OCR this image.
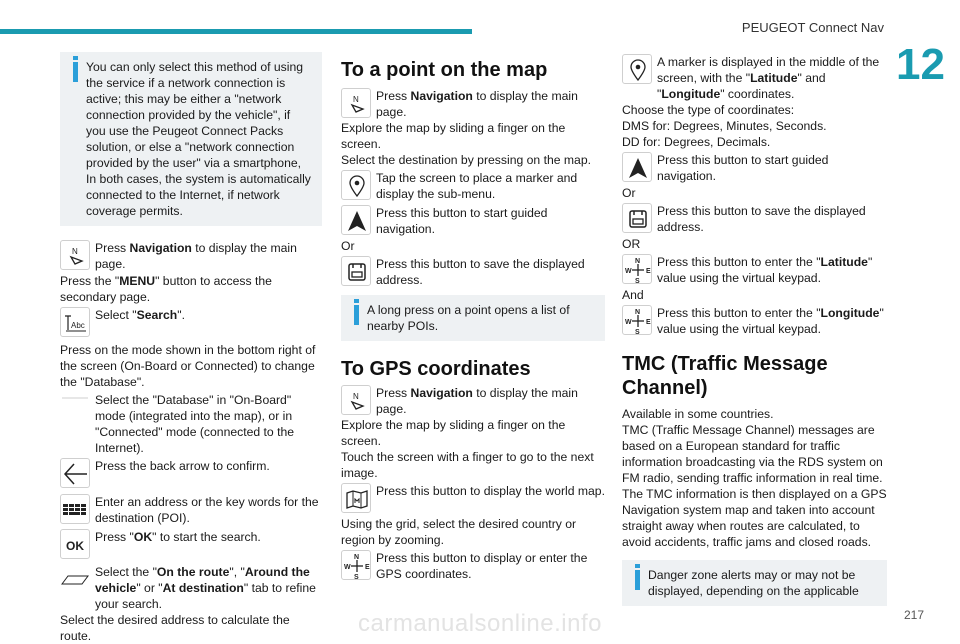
PEUGEOT Connect Nav
12
You can only select this method of using the service if a network connection is active; this may be either a "network connection provided by the vehicle", if you use the Peugeot Connect Packs solution, or else a "network connection provided by the user" via a smartphone,
In both cases, the system is automatically connected to the Internet, if network coverage permits.
N Press Navigation to display the main page.

Press the "MENU" button to access the secondary page.

Abc
Select "Search".

Press on the mode shown in the bottom right of the screen (On-Board or Connected) to change the "Database".

Select the "Database" in "On-Board" mode (integrated into the map), or in "Connected" mode (connected to the Internet).
Press the back arrow to confirm.
Enter an address or the key words for the destination (POI).
OK
Press "OK" to start the search.
Select the "On the route", "Around the vehicle" or "At destination" tab to refine your search.

Select the desired address to calculate the route.

To a point on the map
N Press Navigation to display the main page.

Explore the map by sliding a finger on the screen.

Select the destination by pressing on the map.

Tap the screen to place a marker and display the sub-menu.
Press this button to start guided navigation.

Or

Press this button to save the displayed address.
A long press on a point opens a list of nearby POIs.
To GPS coordinates
N Press Navigation to display the main page.

Explore the map by sliding a finger on the screen.

Touch the screen with a finger to go to the next image.

Press this button to display the world map.

Using the grid, select the desired country or region by zooming.

N
W E
S
Press this button to display or enter the GPS coordinates.
A marker is displayed in the middle of the screen, with the "Latitude" and "Longitude" coordinates.

Choose the type of coordinates:

DMS for: Degrees, Minutes, Seconds.

DD for: Degrees, Decimals.

Press this button to start guided navigation.

Or

Press this button to save the displayed address.

OR

N
W E
S
Press this button to enter the "Latitude" value using the virtual keypad.

And

N
W E
S
Press this button to enter the "Longitude" value using the virtual keypad.
TMC (Traffic Message Channel)

Available in some countries.

TMC (Traffic Message Channel) messages are based on a European standard for traffic information broadcasting via the RDS system on FM radio, sending traffic information in real time.

The TMC information is then displayed on a GPS Navigation system map and taken into account straight away when routes are calculated, to avoid accidents, traffic jams and closed roads.

Danger zone alerts may or may not be displayed, depending on the applicable
carmanualsonline.info	217
